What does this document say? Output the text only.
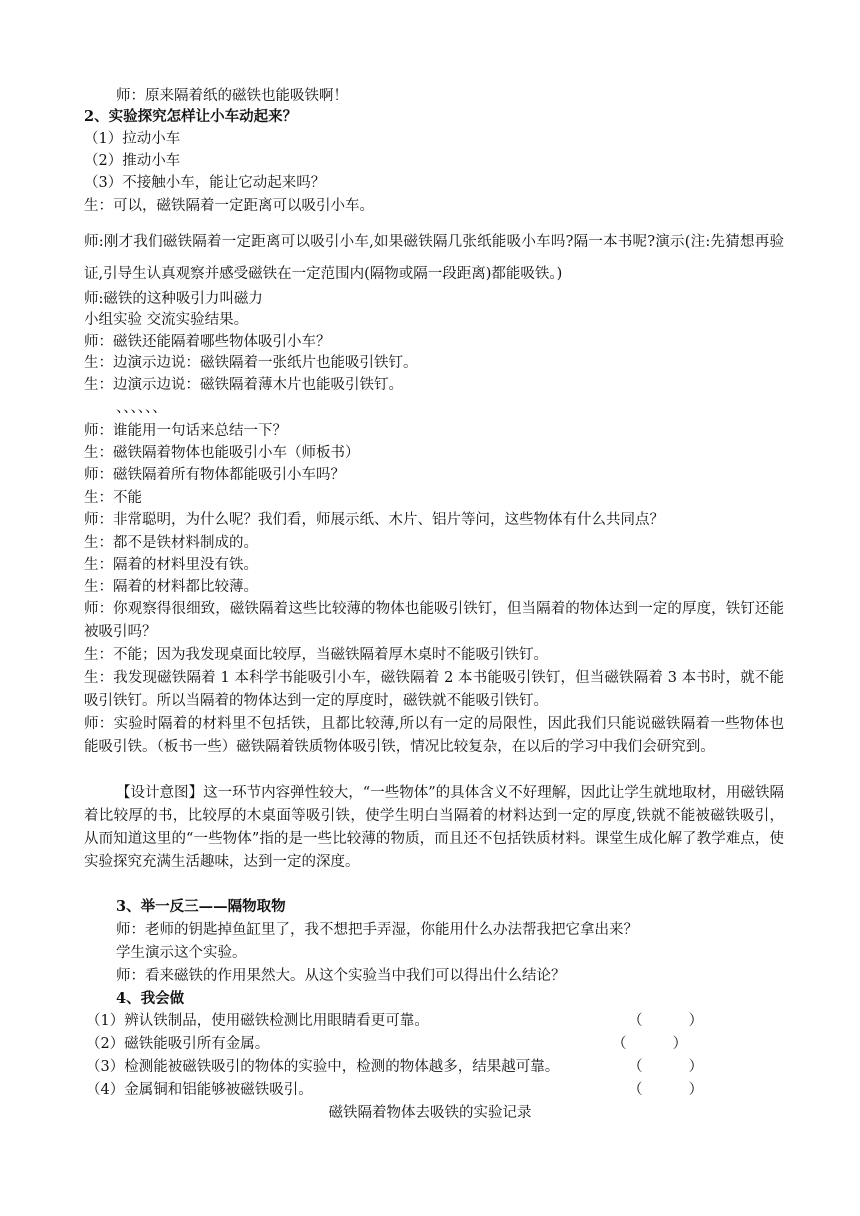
师：原来隔着纸的磁铁也能吸铁啊！
2、实验探究怎样让小车动起来？
（1）拉动小车
（2）推动小车
（3）不接触小车，能让它动起来吗？
生：可以，磁铁隔着一定距离可以吸引小车。
师:刚才我们磁铁隔着一定距离可以吸引小车,如果磁铁隔几张纸能吸小车吗?隔一本书呢?演示(注:先猜想再验证,引导生认真观察并感受磁铁在一定范围内(隔物或隔一段距离)都能吸铁。)
师:磁铁的这种吸引力叫磁力
小组实验 交流实验结果。
师：磁铁还能隔着哪些物体吸引小车？
生：边演示边说：磁铁隔着一张纸片也能吸引铁钉。
生：边演示边说：磁铁隔着薄木片也能吸引铁钉。
、、、、、、
师：谁能用一句话来总结一下？
生：磁铁隔着物体也能吸引小车（师板书）
师：磁铁隔着所有物体都能吸引小车吗？
生：不能
师：非常聪明，为什么呢？我们看，师展示纸、木片、铝片等问，这些物体有什么共同点？
生：都不是铁材料制成的。
生：隔着的材料里没有铁。
生：隔着的材料都比较薄。
师：你观察得很细致，磁铁隔着这些比较薄的物体也能吸引铁钉，但当隔着的物体达到一定的厚度，铁钉还能被吸引吗？
生：不能；因为我发现桌面比较厚，当磁铁隔着厚木桌时不能吸引铁钉。
生：我发现磁铁隔着 1 本科学书能吸引小车，磁铁隔着 2 本书能吸引铁钉，但当磁铁隔着 3 本书时，就不能吸引铁钉。所以当隔着的物体达到一定的厚度时，磁铁就不能吸引铁钉。
师：实验时隔着的材料里不包括铁，且都比较薄,所以有一定的局限性，因此我们只能说磁铁隔着一些物体也能吸引铁。（板书一些）磁铁隔着铁质物体吸引铁，情况比较复杂，在以后的学习中我们会研究到。
【设计意图】这一环节内容弹性较大，“一些物体”的具体含义不好理解，因此让学生就地取材，用磁铁隔着比较厚的书，比较厚的木桌面等吸引铁，使学生明白当隔着的材料达到一定的厚度,铁就不能被磁铁吸引，从而知道这里的“一些物体”指的是一些比较薄的物质，而且还不包括铁质材料。课堂生成化解了教学难点，使实验探究充满生活趣味，达到一定的深度。
3、举一反三——隔物取物
师：老师的钥匙掉鱼缸里了，我不想把手弄湿，你能用什么办法帮我把它拿出来？
学生演示这个实验。
师：看来磁铁的作用果然大。从这个实验当中我们可以得出什么结论？
4、我会做
（1）辨认铁制品，使用磁铁检测比用眼睛看更可靠。	（          ）
（2）磁铁能吸引所有金属。	（          ）
（3）检测能被磁铁吸引的物体的实验中，检测的物体越多，结果越可靠。	（          ）
（4）金属铜和铝能够被磁铁吸引。	（          ）
磁铁隔着物体去吸铁的实验记录
